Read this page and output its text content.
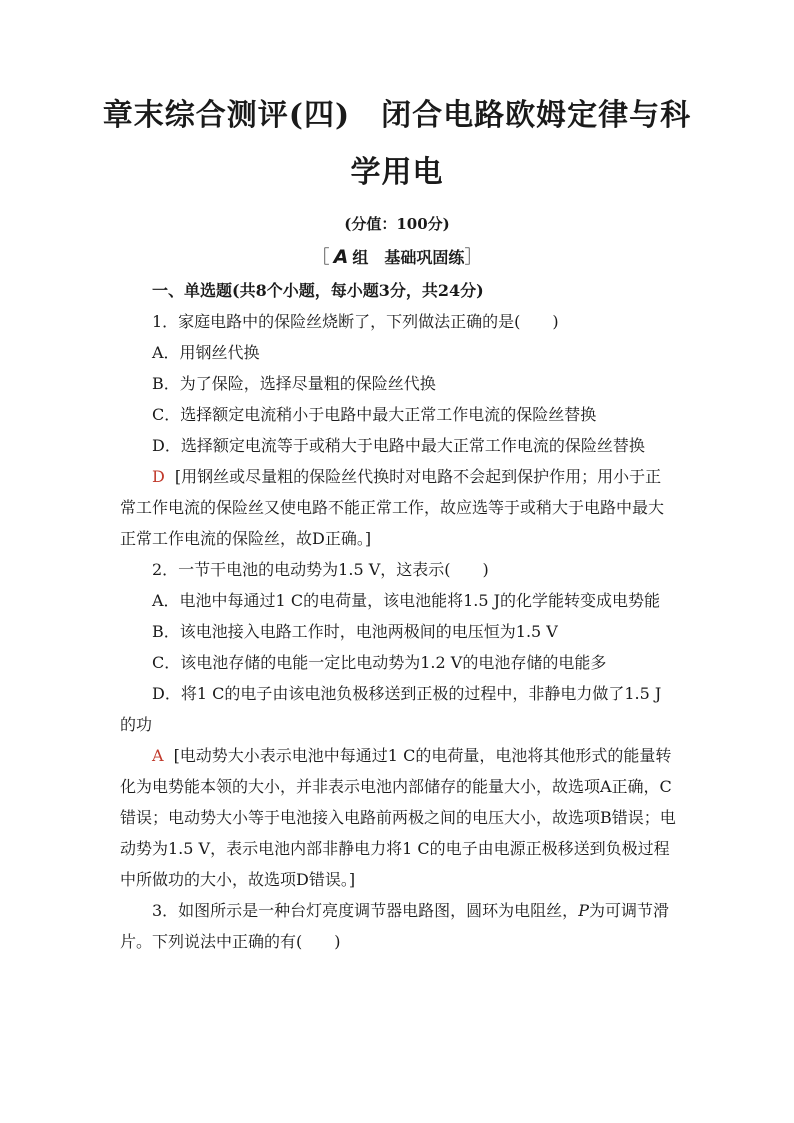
章末综合测评(四)　闭合电路欧姆定律与科
学用电
(分值：100分)
［ A 组　基础巩固练］

一、单选题(共8个小题，每小题3分，共24分)

1．家庭电路中的保险丝烧断了，下列做法正确的是(　　)

A．用钢丝代换

B．为了保险，选择尽量粗的保险丝代换

C．选择额定电流稍小于电路中最大正常工作电流的保险丝替换

D．选择额定电流等于或稍大于电路中最大正常工作电流的保险丝替换

D [用钢丝或尽量粗的保险丝代换时对电路不会起到保护作用；用小于正常工作电流的保险丝又使电路不能正常工作，故应选等于或稍大于电路中最大正常工作电流的保险丝，故D正确。]

2．一节干电池的电动势为1.5 V，这表示(　　)

A．电池中每通过1 C的电荷量，该电池能将1.5 J的化学能转变成电势能

B．该电池接入电路工作时，电池两极间的电压恒为1.5 V

C．该电池存储的电能一定比电动势为1.2 V的电池存储的电能多

D．将1 C的电子由该电池负极移送到正极的过程中，非静电力做了1.5 J的功

A [电动势大小表示电池中每通过1 C的电荷量，电池将其他形式的能量转化为电势能本领的大小，并非表示电池内部储存的能量大小，故选项A正确，C错误；电动势大小等于电池接入电路前两极之间的电压大小，故选项B错误；电动势为1.5 V，表示电池内部非静电力将1 C的电子由电源正极移送到负极过程中所做功的大小，故选项D错误。]

3．如图所示是一种台灯亮度调节器电路图，圆环为电阻丝，P为可调节滑片。下列说法中正确的有(　　)
